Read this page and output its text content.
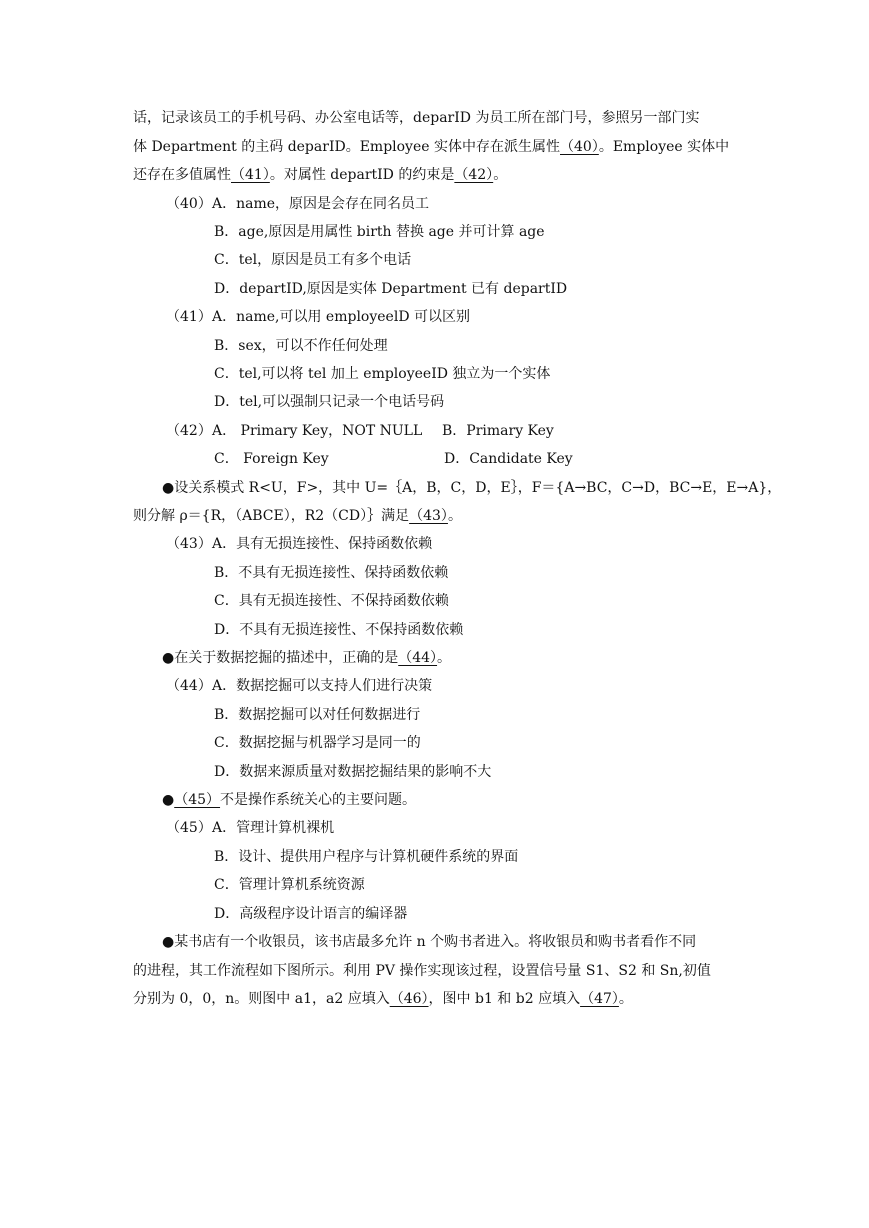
话，记录该员工的手机号码、办公室电话等，deparID 为员工所在部门号，参照另一部门实
体 Department 的主码 deparID。Employee 实体中存在派生属性（40）。Employee 实体中
还存在多值属性（41）。对属性 departID 的约束是（42）。
（40）A．name，原因是会存在同名员工
B．age,原因是用属性 birth 替换 age 并可计算 age
C．tel，原因是员工有多个电话
D．departID,原因是实体 Department 已有 departID
（41）A．name,可以用 employeelD 可以区别
B．sex，可以不作任何处理
C．tel,可以将 tel 加上 employeeID 独立为一个实体
D．tel,可以强制只记录一个电话号码
（42）A． Primary Key，NOT NULL B．Primary Key
C． Foreign Key	D．Candidate Key
●设关系模式 R<U，F>，其中 U=｛A，B，C，D，E｝，F＝{A→BC，C→D，BC→E，E→A}，
则分解 ρ＝{R，（ABCE），R2（CD）｝满足（43）。
（43）A．具有无损连接性、保持函数依赖
B．不具有无损连接性、保持函数依赖
C．具有无损连接性、不保持函数依赖
D．不具有无损连接性、不保持函数依赖
●在关于数据挖掘的描述中，正确的是（44）。
（44）A．数据挖掘可以支持人们进行决策
B．数据挖掘可以对任何数据进行
C．数据挖掘与机器学习是同一的
D．数据来源质量对数据挖掘结果的影响不大
●（45）不是操作系统关心的主要问题。
（45）A．管理计算机裸机
B．设计、提供用户程序与计算机硬件系统的界面
C．管理计算机系统资源
D．高级程序设计语言的编译器
●某书店有一个收银员，该书店最多允许 n 个购书者进入。将收银员和购书者看作不同
的进程，其工作流程如下图所示。利用 PV 操作实现该过程，设置信号量 S1、S2 和 Sn,初值
分别为 0，0，n。则图中 a1，a2 应填入（46），图中 b1 和 b2 应填入（47）。
